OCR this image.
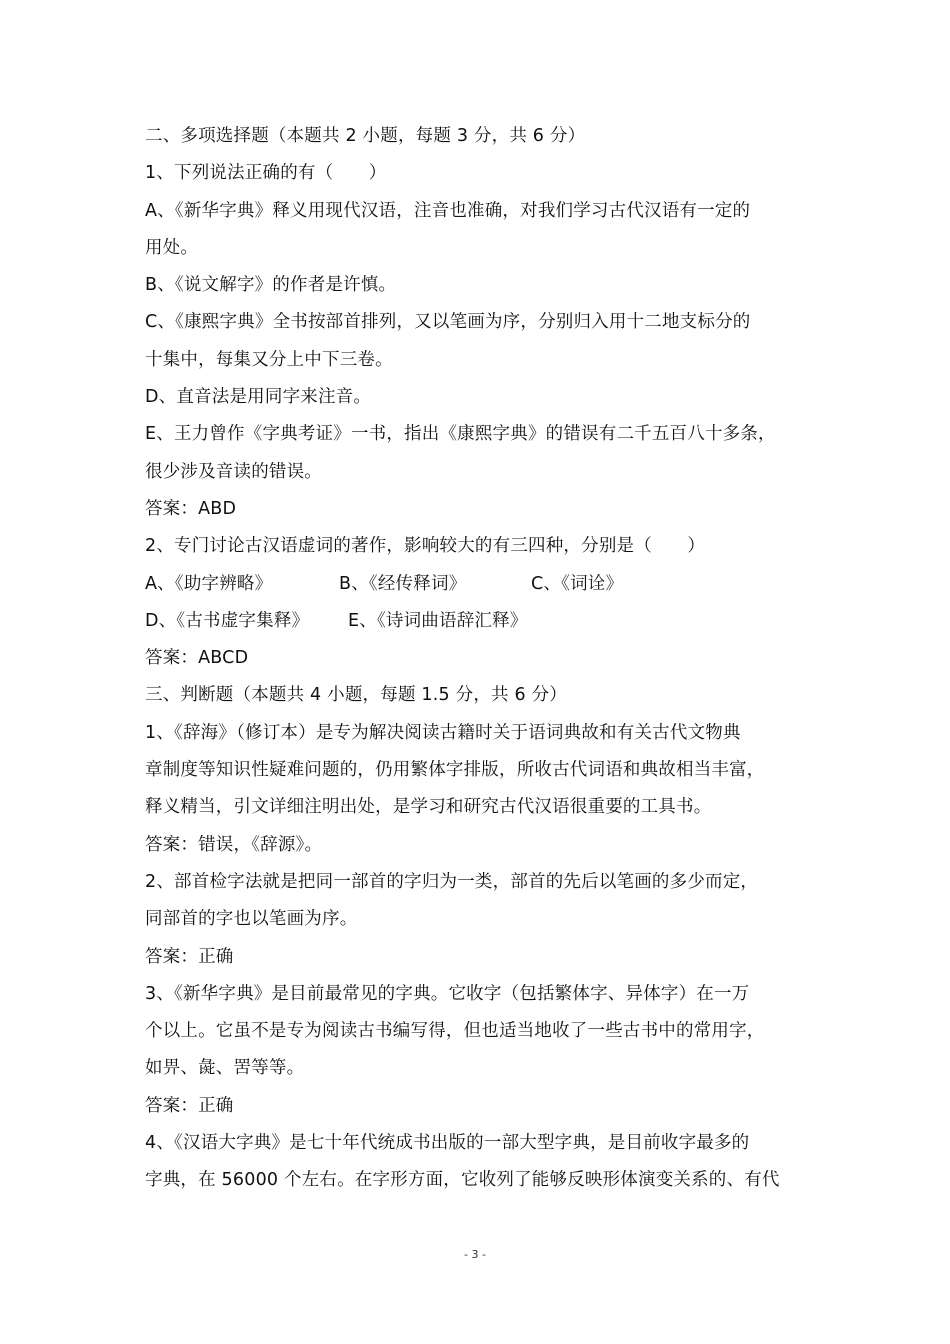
二、多项选择题（本题共 2 小题，每题 3 分，共 6 分）
1、下列说法正确的有（　　）
A、《新华字典》释义用现代汉语，注音也准确，对我们学习古代汉语有一定的
用处。
B、《说文解字》的作者是许慎。
C、《康熙字典》全书按部首排列，又以笔画为序，分别归入用十二地支标分的
十集中，每集又分上中下三卷。
D、直音法是用同字来注音。
E、王力曾作《字典考证》一书，指出《康熙字典》的错误有二千五百八十多条，
很少涉及音读的错误。
答案：ABD
2、专门讨论古汉语虚词的著作，影响较大的有三四种，分别是（　　）
A、《助字辨略》	B、《经传释词》	C、《词诠》
D、《古书虚字集释》 E、《诗词曲语辞汇释》
答案：ABCD
三、判断题（本题共 4 小题，每题 1.5 分，共 6 分）
1、《辞海》（修订本）是专为解决阅读古籍时关于语词典故和有关古代文物典
章制度等知识性疑难问题的，仍用繁体字排版，所收古代词语和典故相当丰富，
释义精当，引文详细注明出处，是学习和研究古代汉语很重要的工具书。
答案：错误，《辞源》。
2、部首检字法就是把同一部首的字归为一类，部首的先后以笔画的多少而定，
同部首的字也以笔画为序。
答案：正确
3、《新华字典》是目前最常见的字典。它收字（包括繁体字、异体字）在一万
个以上。它虽不是专为阅读古书编写得，但也适当地收了一些古书中的常用字，
如畀、彘、罟等等。
答案：正确
4、《汉语大字典》是七十年代统成书出版的一部大型字典，是目前收字最多的
字典，在 56000 个左右。在字形方面，它收列了能够反映形体演变关系的、有代
- 3 -
